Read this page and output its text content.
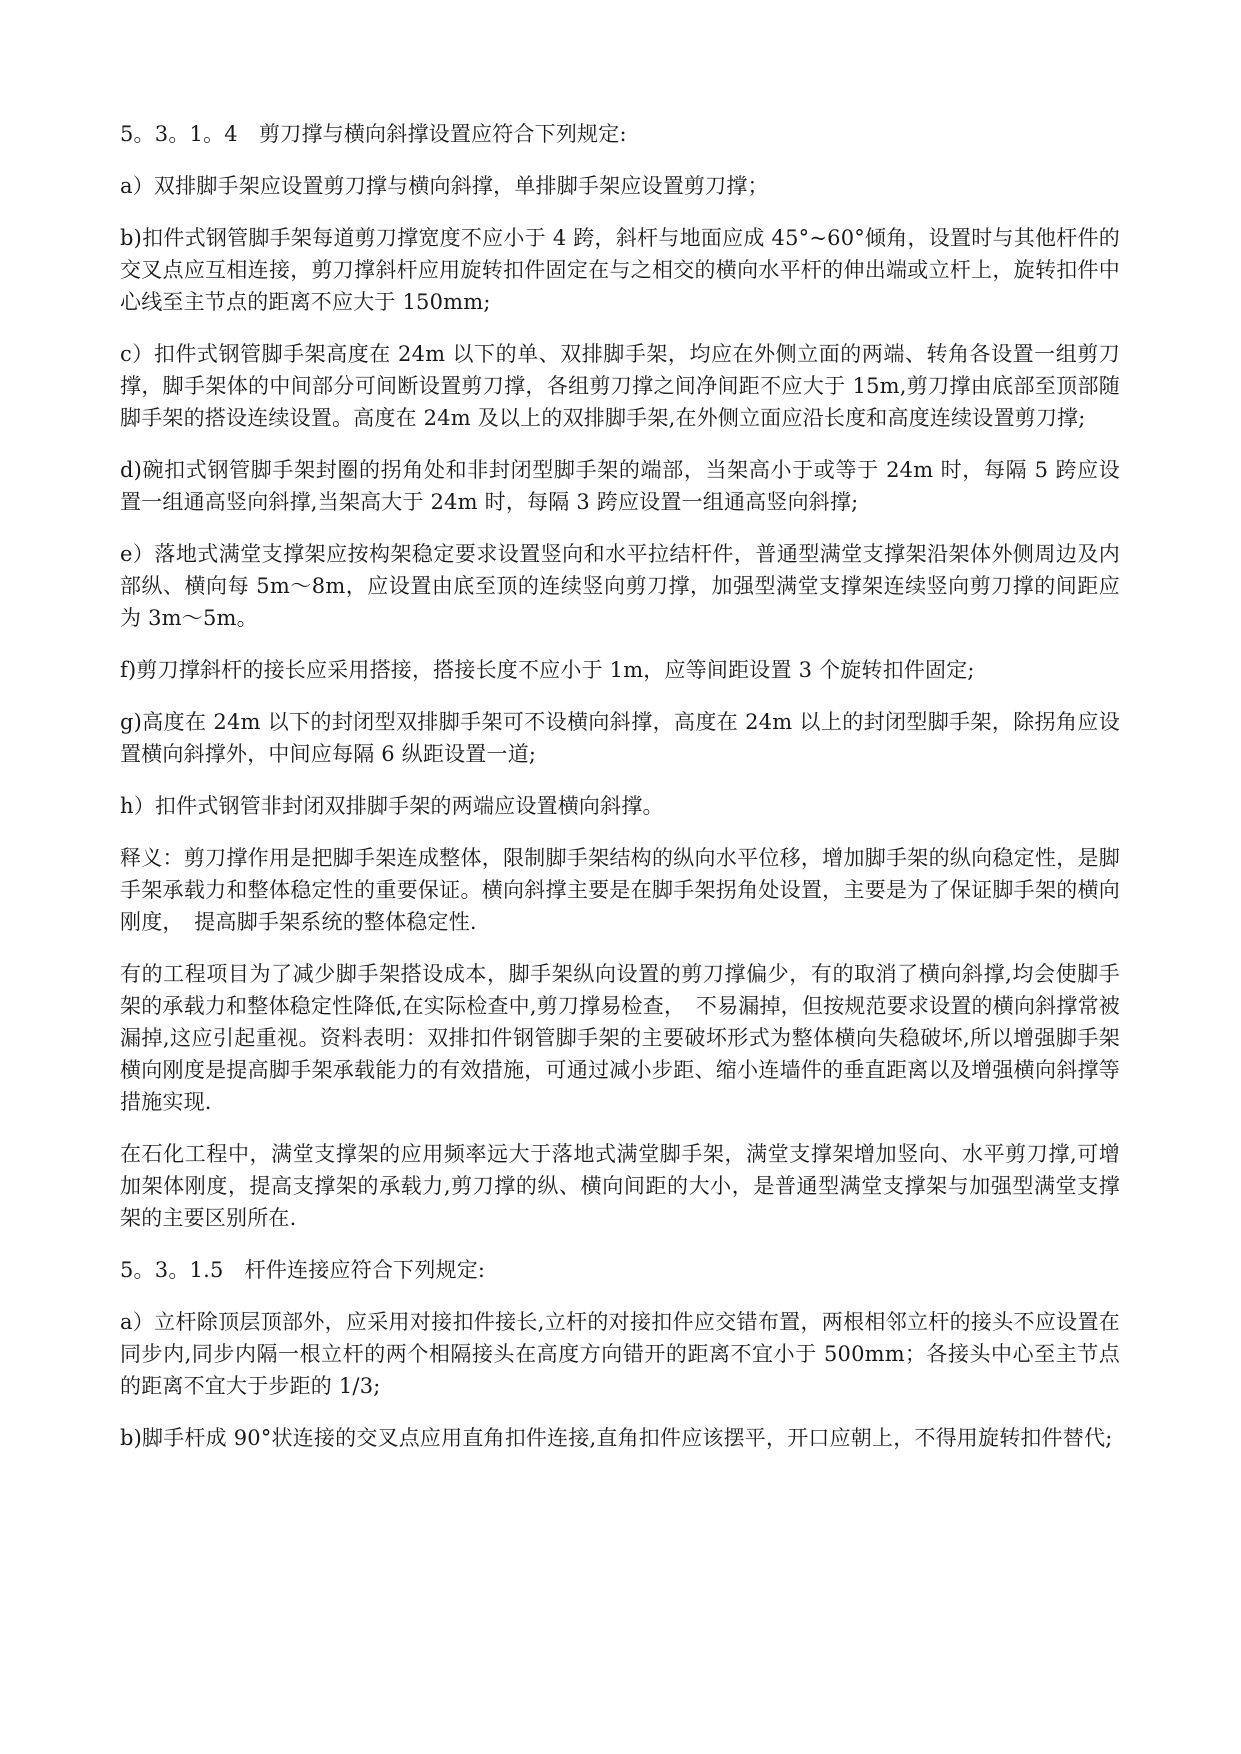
5。3。1。4　剪刀撑与横向斜撑设置应符合下列规定:

a）双排脚手架应设置剪刀撑与横向斜撑，单排脚手架应设置剪刀撑；

b)扣件式钢管脚手架每道剪刀撑宽度不应小于 4 跨，斜杆与地面应成 45°~60°倾角，设置时与其他杆件的交叉点应互相连接，剪刀撑斜杆应用旋转扣件固定在与之相交的横向水平杆的伸出端或立杆上，旋转扣件中心线至主节点的距离不应大于 150mm;

c）扣件式钢管脚手架高度在 24m 以下的单、双排脚手架，均应在外侧立面的两端、转角各设置一组剪刀撑，脚手架体的中间部分可间断设置剪刀撑，各组剪刀撑之间净间距不应大于 15m,剪刀撑由底部至顶部随脚手架的搭设连续设置。高度在 24m 及以上的双排脚手架,在外侧立面应沿长度和高度连续设置剪刀撑;

d)碗扣式钢管脚手架封圈的拐角处和非封闭型脚手架的端部，当架高小于或等于 24m 时，每隔 5 跨应设置一组通高竖向斜撑,当架高大于 24m 时，每隔 3 跨应设置一组通高竖向斜撑;

e）落地式满堂支撑架应按构架稳定要求设置竖向和水平拉结杆件，普通型满堂支撑架沿架体外侧周边及内部纵、横向每 5m～8m，应设置由底至顶的连续竖向剪刀撑，加强型满堂支撑架连续竖向剪刀撑的间距应为 3m～5m。

f)剪刀撑斜杆的接长应采用搭接，搭接长度不应小于 1m，应等间距设置 3 个旋转扣件固定;

g)高度在 24m 以下的封闭型双排脚手架可不设横向斜撑，高度在 24m 以上的封闭型脚手架，除拐角应设置横向斜撑外，中间应每隔 6 纵距设置一道;

h）扣件式钢管非封闭双排脚手架的两端应设置横向斜撑。

释义：剪刀撑作用是把脚手架连成整体，限制脚手架结构的纵向水平位移，增加脚手架的纵向稳定性，是脚手架承载力和整体稳定性的重要保证。横向斜撑主要是在脚手架拐角处设置，主要是为了保证脚手架的横向刚度，　提高脚手架系统的整体稳定性.

有的工程项目为了减少脚手架搭设成本，脚手架纵向设置的剪刀撑偏少，有的取消了横向斜撑,均会使脚手架的承载力和整体稳定性降低,在实际检查中,剪刀撑易检查，　不易漏掉，但按规范要求设置的横向斜撑常被漏掉,这应引起重视。资料表明：双排扣件钢管脚手架的主要破坏形式为整体横向失稳破坏,所以增强脚手架横向刚度是提高脚手架承载能力的有效措施，可通过减小步距、缩小连墙件的垂直距离以及增强横向斜撑等措施实现.

在石化工程中，满堂支撑架的应用频率远大于落地式满堂脚手架，满堂支撑架增加竖向、水平剪刀撑,可增加架体刚度，提高支撑架的承载力,剪刀撑的纵、横向间距的大小，是普通型满堂支撑架与加强型满堂支撑架的主要区别所在.

5。3。1.5　杆件连接应符合下列规定:

a）立杆除顶层顶部外，应采用对接扣件接长,立杆的对接扣件应交错布置，两根相邻立杆的接头不应设置在同步内,同步内隔一根立杆的两个相隔接头在高度方向错开的距离不宜小于 500mm；各接头中心至主节点的距离不宜大于步距的 1/3;

b)脚手杆成 90°状连接的交叉点应用直角扣件连接,直角扣件应该摆平，开口应朝上，不得用旋转扣件替代;
